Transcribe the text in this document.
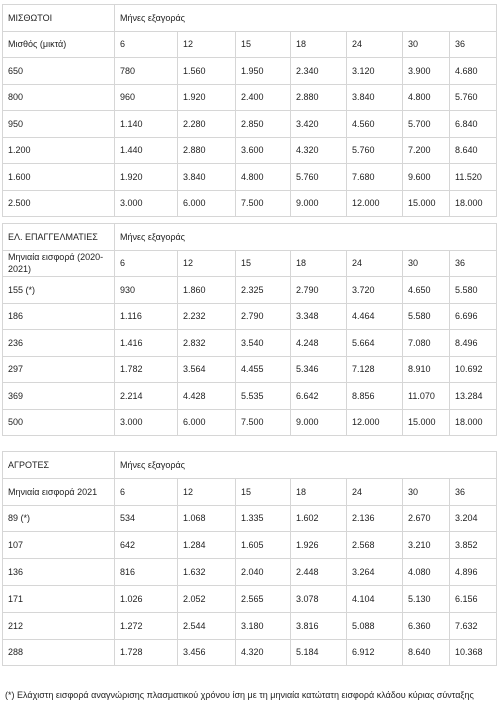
ΜΙΣΘΩΤΟΙ	Μήνες εξαγοράς						
Μισθός (μικτά)	6	12	15	18	24	30	36
650	780	1.560	1.950	2.340	3.120	3.900	4.680
800	960	1.920	2.400	2.880	3.840	4.800	5.760
950	1.140	2.280	2.850	3.420	4.560	5.700	6.840
1.200	1.440	2.880	3.600	4.320	5.760	7.200	8.640
1.600	1.920	3.840	4.800	5.760	7.680	9.600	11.520
2.500	3.000	6.000	7.500	9.000	12.000	15.000	18.000
ΕΛ. ΕΠΑΓΓΕΛΜΑΤΙΕΣ	Μήνες εξαγοράς						
Μηνιαία εισφορά (2020-2021)	6	12	15	18	24	30	36
155 (*)	930	1.860	2.325	2.790	3.720	4.650	5.580
186	1.116	2.232	2.790	3.348	4.464	5.580	6.696
236	1.416	2.832	3.540	4.248	5.664	7.080	8.496
297	1.782	3.564	4.455	5.346	7.128	8.910	10.692
369	2.214	4.428	5.535	6.642	8.856	11.070	13.284
500	3.000	6.000	7.500	9.000	12.000	15.000	18.000
ΑΓΡΟΤΕΣ	Μήνες εξαγοράς						
Μηνιαία εισφορά 2021	6	12	15	18	24	30	36
89 (*)	534	1.068	1.335	1.602	2.136	2.670	3.204
107	642	1.284	1.605	1.926	2.568	3.210	3.852
136	816	1.632	2.040	2.448	3.264	4.080	4.896
171	1.026	2.052	2.565	3.078	4.104	5.130	6.156
212	1.272	2.544	3.180	3.816	5.088	6.360	7.632
288	1.728	3.456	4.320	5.184	6.912	8.640	10.368
(*) Ελάχιστη εισφορά αναγνώρισης πλασματικού χρόνου ίση με τη μηνιαία κατώτατη εισφορά κλάδου κύριας σύνταξης
